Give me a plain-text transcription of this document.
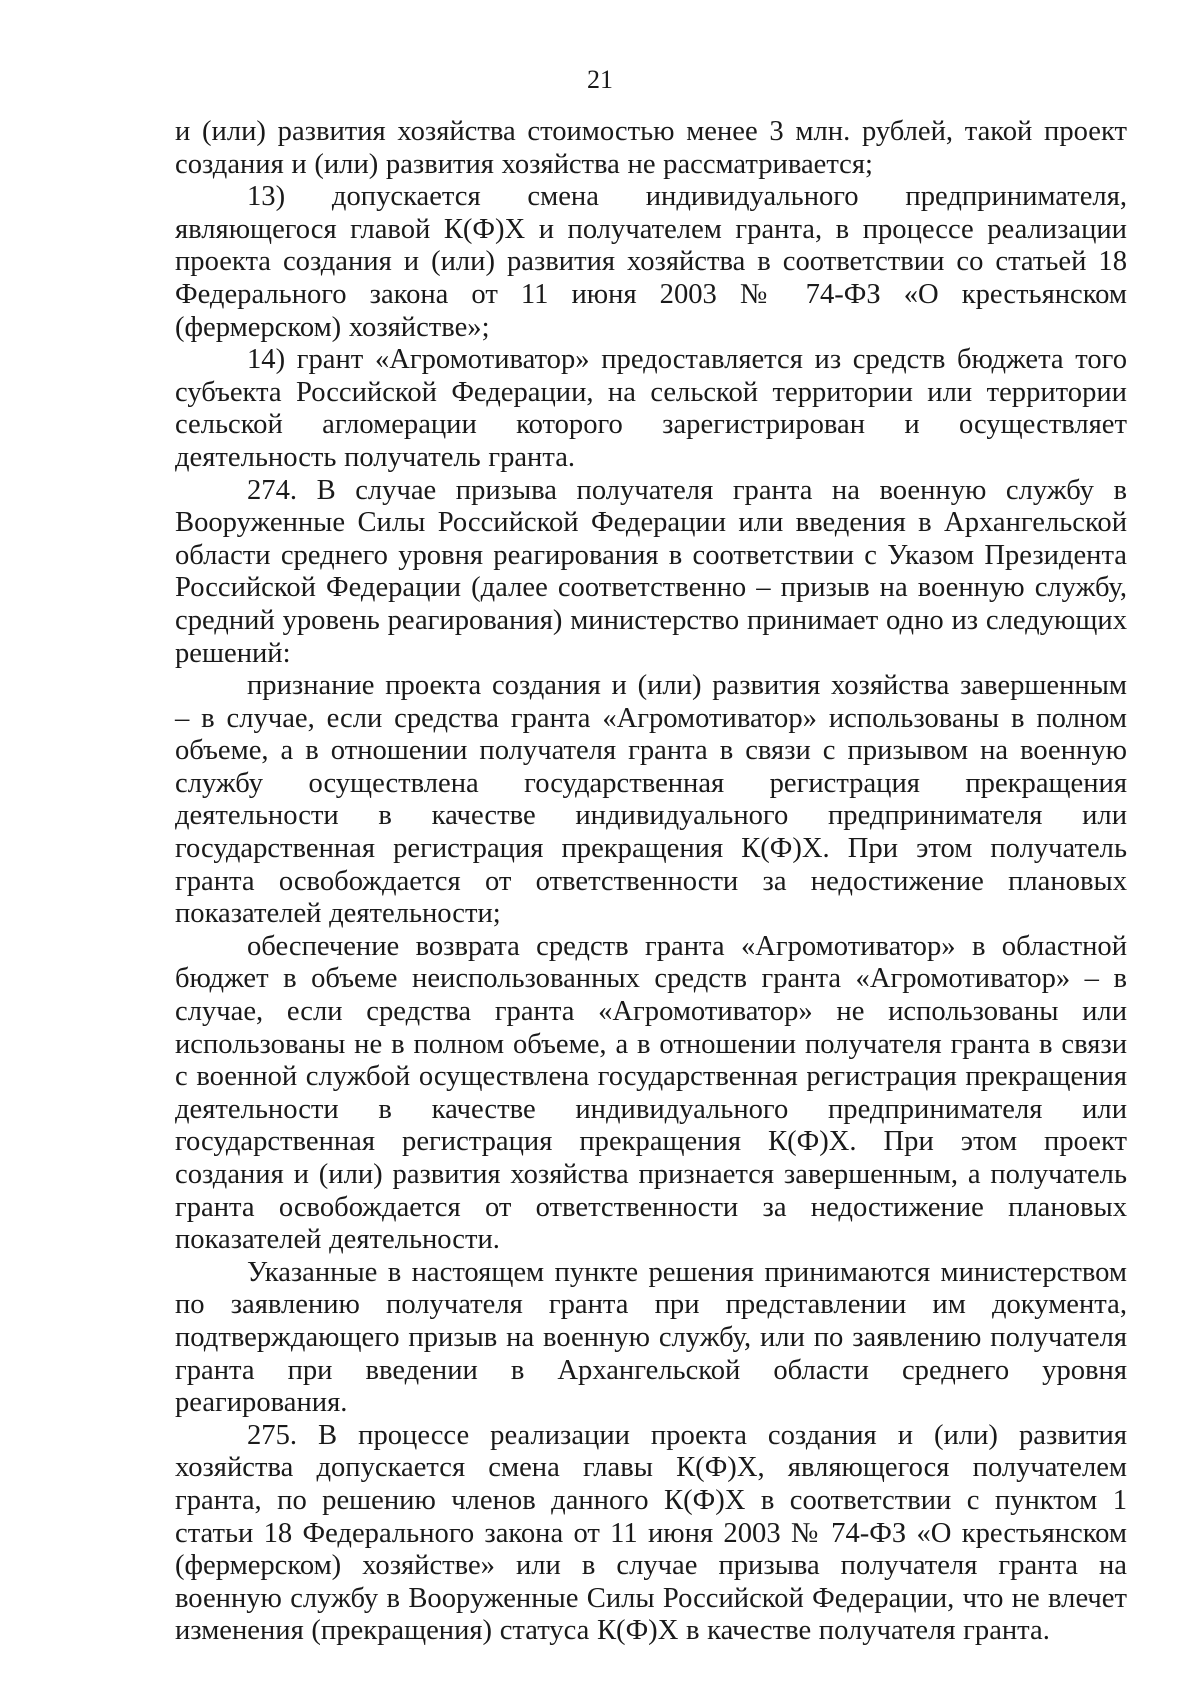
21

и (или) развития хозяйства стоимостью менее 3 млн. рублей, такой проект создания и (или) развития хозяйства не рассматривается;

13) допускается смена индивидуального предпринимателя, являющегося главой К(Ф)Х и получателем гранта, в процессе реализации проекта создания и (или) развития хозяйства в соответствии со статьей 18 Федерального закона от 11 июня 2003 № 74-ФЗ «О крестьянском (фермерском) хозяйстве»;

14) грант «Агромотиватор» предоставляется из средств бюджета того субъекта Российской Федерации, на сельской территории или территории сельской агломерации которого зарегистрирован и осуществляет деятельность получатель гранта.

274. В случае призыва получателя гранта на военную службу в Вооруженные Силы Российской Федерации или введения в Архангельской области среднего уровня реагирования в соответствии с Указом Президента Российской Федерации (далее соответственно – призыв на военную службу, средний уровень реагирования) министерство принимает одно из следующих решений:

признание проекта создания и (или) развития хозяйства завершенным – в случае, если средства гранта «Агромотиватор» использованы в полном объеме, а в отношении получателя гранта в связи с призывом на военную службу осуществлена государственная регистрация прекращения деятельности в качестве индивидуального предпринимателя или государственная регистрация прекращения К(Ф)Х. При этом получатель гранта освобождается от ответственности за недостижение плановых показателей деятельности;

обеспечение возврата средств гранта «Агромотиватор» в областной бюджет в объеме неиспользованных средств гранта «Агромотиватор» – в случае, если средства гранта «Агромотиватор» не использованы или использованы не в полном объеме, а в отношении получателя гранта в связи с военной службой осуществлена государственная регистрация прекращения деятельности в качестве индивидуального предпринимателя или государственная регистрация прекращения К(Ф)Х. При этом проект создания и (или) развития хозяйства признается завершенным, а получатель гранта освобождается от ответственности за недостижение плановых показателей деятельности.

Указанные в настоящем пункте решения принимаются министерством по заявлению получателя гранта при представлении им документа, подтверждающего призыв на военную службу, или по заявлению получателя гранта при введении в Архангельской области среднего уровня реагирования.

275. В процессе реализации проекта создания и (или) развития хозяйства допускается смена главы К(Ф)Х, являющегося получателем гранта, по решению членов данного К(Ф)Х в соответствии с пунктом 1 статьи 18 Федерального закона от 11 июня 2003 № 74-ФЗ «О крестьянском (фермерском) хозяйстве» или в случае призыва получателя гранта на военную службу в Вооруженные Силы Российской Федерации, что не влечет изменения (прекращения) статуса К(Ф)Х в качестве получателя гранта.
